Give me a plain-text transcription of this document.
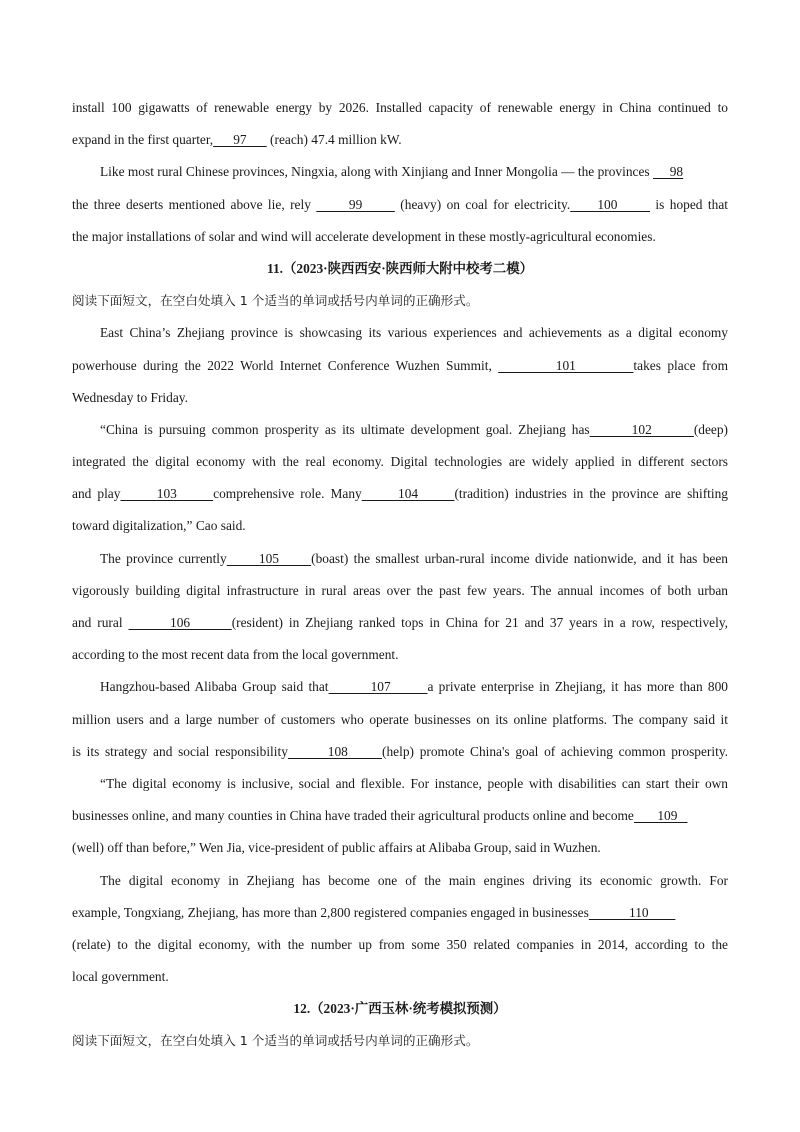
install 100 gigawatts of renewable energy by 2026. Installed capacity of renewable energy in China continued to
expand in the first quarter,      97       (reach) 47.4 million kW.
Like most rural Chinese provinces, Ningxia, along with Xinjiang and Inner Mongolia — the provinces      98
the three deserts mentioned above lie, rely       99       (heavy) on coal for electricity.     100       is hoped that
the major installations of solar and wind will accelerate development in these mostly-agricultural economies.
11.（2023·陕西西安·陕西师大附中校考二模）
阅读下面短文，在空白处填入 1 个适当的单词或括号内单词的正确形式。
East China’s Zhejiang province is showcasing its various experiences and achievements as a digital economy
powerhouse during the 2022 World Internet Conference Wuzhen Summit,          101         takes place from
Wednesday to Friday.
“China is pursuing common prosperity as its ultimate development goal. Zhejiang has       102       (deep)
integrated the digital economy with the real economy. Digital technologies are widely applied in different sectors
and play      103      comprehensive role. Many      104      (tradition) industries in the province are shifting
toward digitalization,” Cao said.
The province currently      105      (boast) the smallest urban-rural income divide nationwide, and it has been
vigorously building digital infrastructure in rural areas over the past few years. The annual incomes of both urban
and rural        106       (resident) in Zhejiang ranked tops in China for 21 and 37 years in a row, respectively,
according to the most recent data from the local government.
Hangzhou-based Alibaba Group said that        107       a private enterprise in Zhejiang, it has more than 800
million users and a large number of customers who operate businesses on its online platforms. The company said it
is its strategy and social responsibility       108      (help) promote China's goal of achieving common prosperity.
“The digital economy is inclusive, social and flexible. For instance, people with disabilities can start their own
businesses online, and many counties in China have traded their agricultural products online and become       109
(well) off than before,” Wen Jia, vice-president of public affairs at Alibaba Group, said in Wuzhen.
The digital economy in Zhejiang has become one of the main engines driving its economic growth. For
example, Tongxiang, Zhejiang, has more than 2,800 registered companies engaged in businesses            110
(relate) to the digital economy, with the number up from some 350 related companies in 2014, according to the
local government.
12.（2023·广西玉林·统考模拟预测）
阅读下面短文，在空白处填入 1 个适当的单词或括号内单词的正确形式。
